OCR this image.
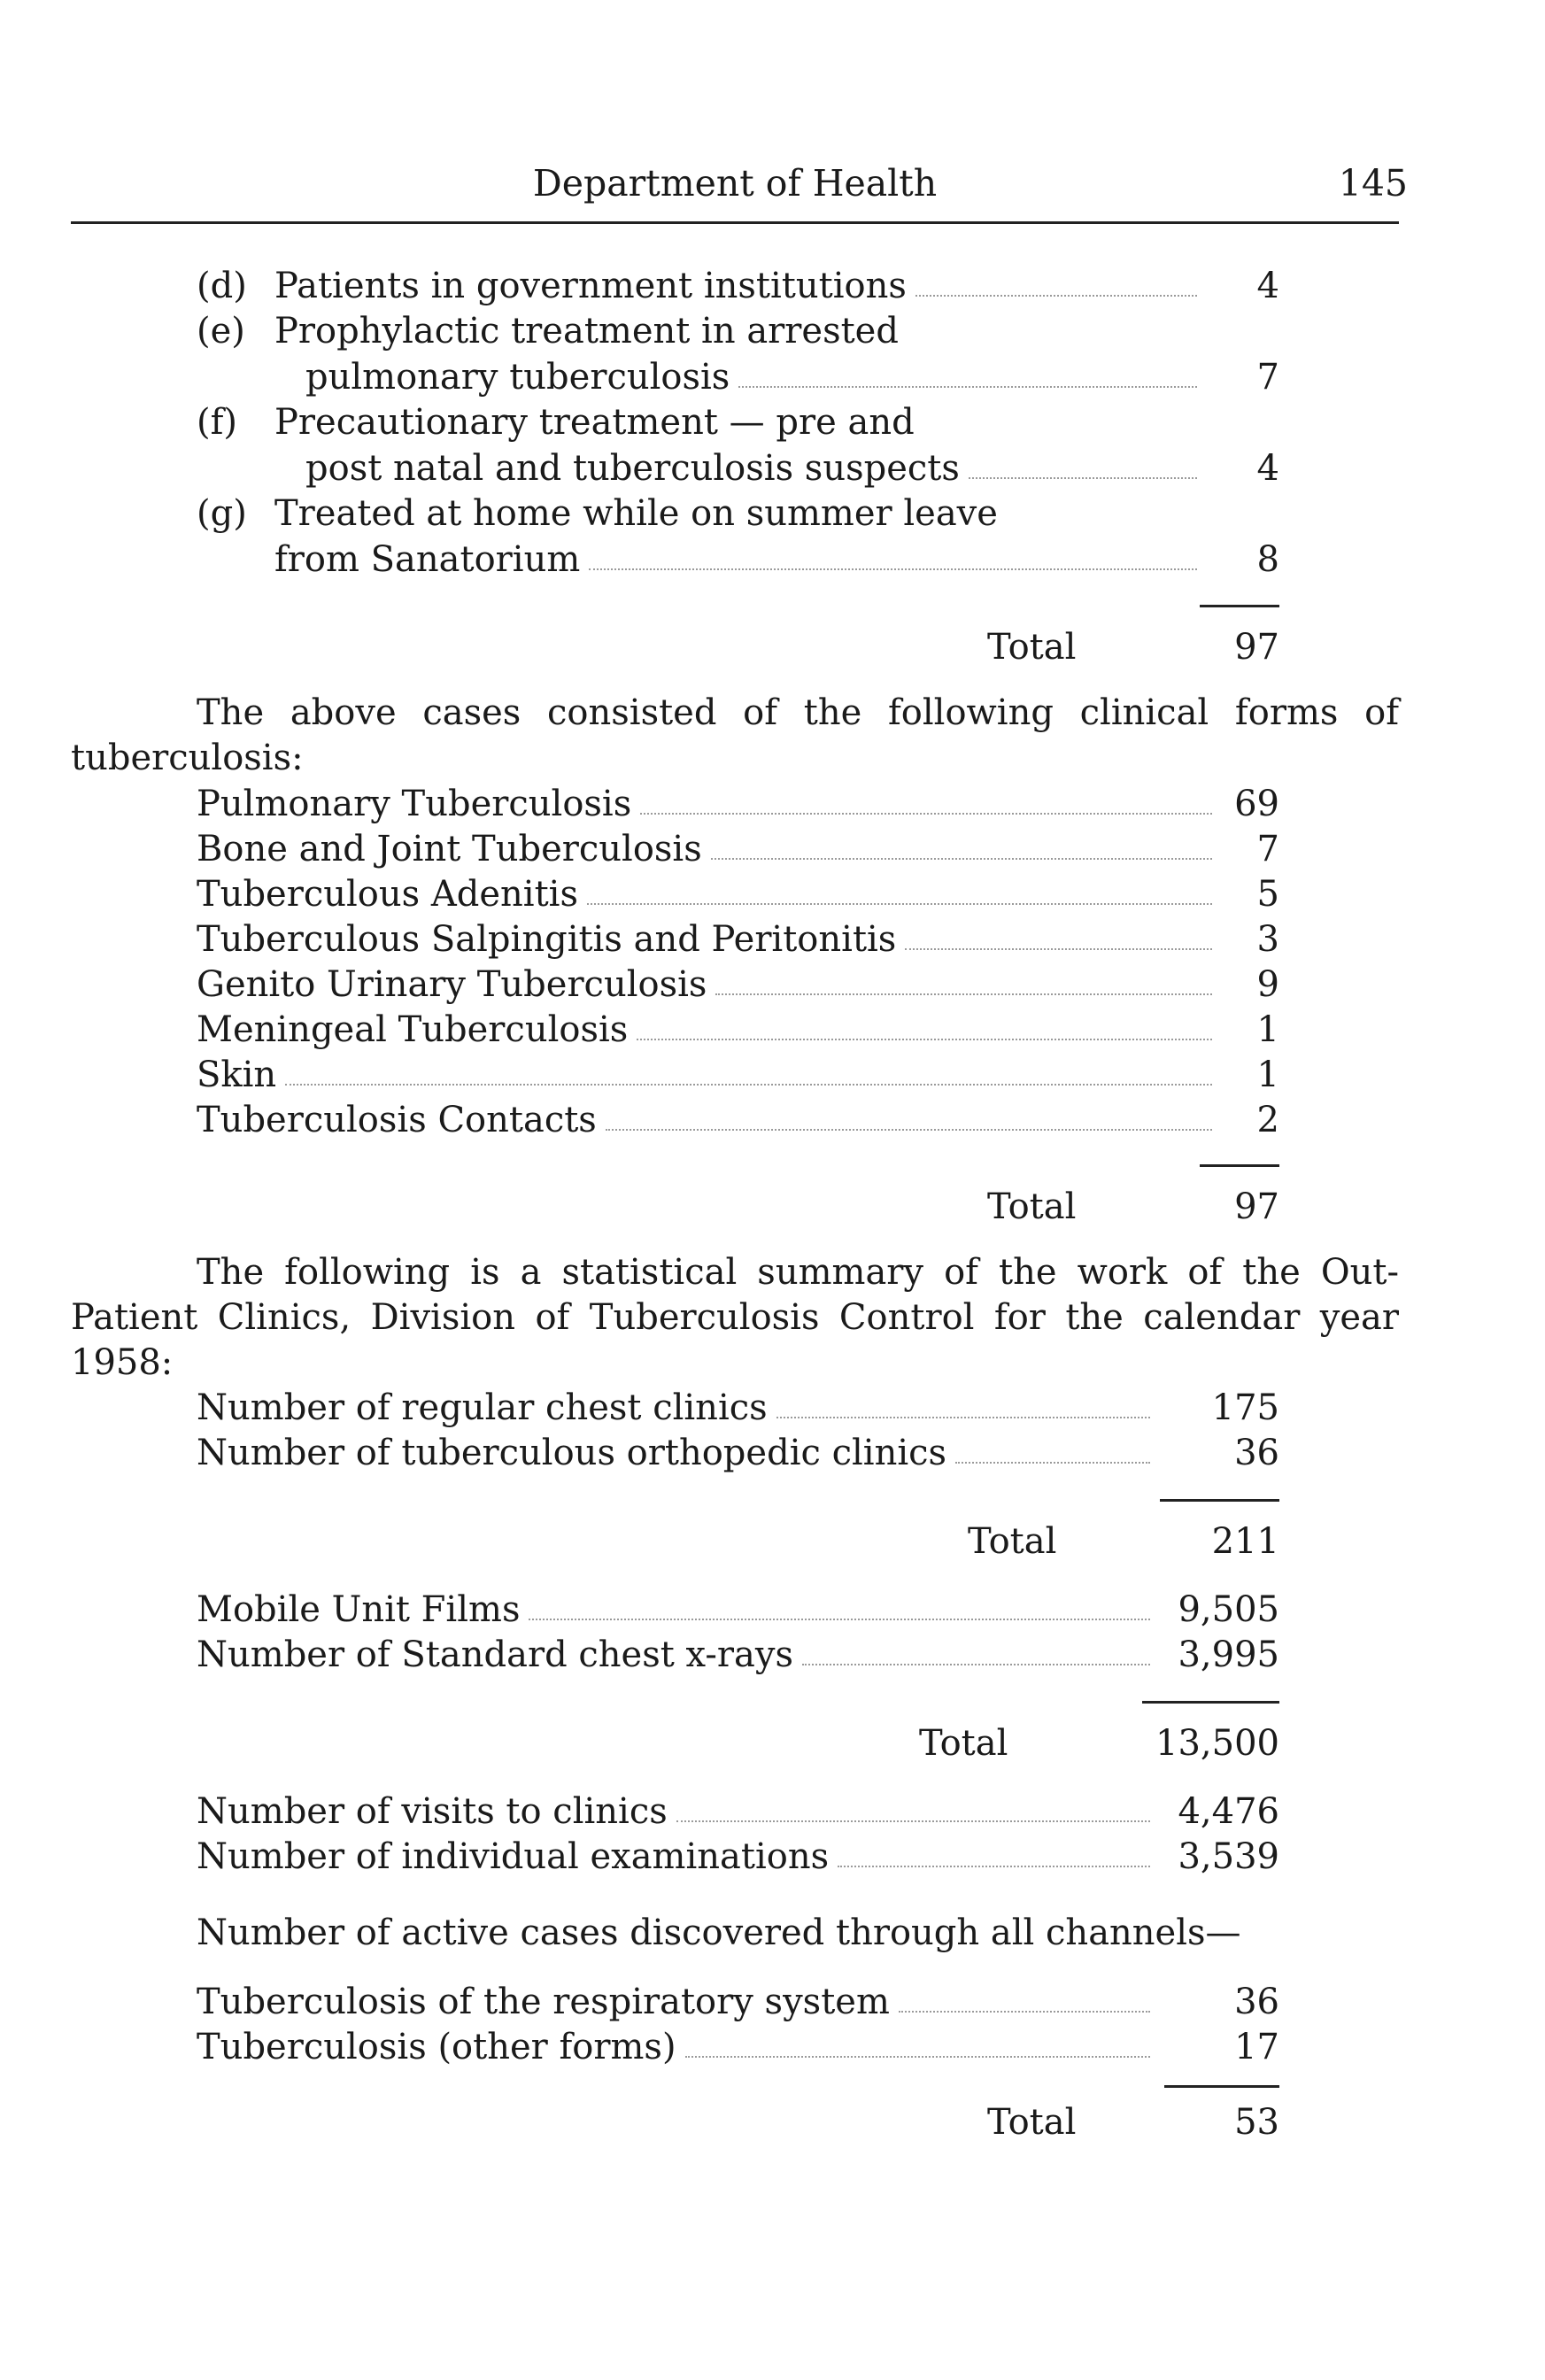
Department of Health	145
(d) Patients in government institutions	4
(e) Prophylactic treatment in arrested
pulmonary tuberculosis	7
(f) Precautionary treatment — pre and
post natal and tuberculosis suspects	4
(g) Treated at home while on summer leave
from Sanatorium	8
Total	97
The above cases consisted of the following clinical forms of tuberculosis:
Pulmonary Tuberculosis	69
Bone and Joint Tuberculosis	7
Tuberculous Adenitis	5
Tuberculous Salpingitis and Peritonitis	3
Genito Urinary Tuberculosis	9
Meningeal Tuberculosis	1
Skin	1
Tuberculosis Contacts	2
Total	97
The following is a statistical summary of the work of the Out-Patient Clinics, Division of Tuberculosis Control for the calendar year 1958:
Number of regular chest clinics	175
Number of tuberculous orthopedic clinics	36
Total	211
Mobile Unit Films	9,505
Number of Standard chest x-rays	3,995
Total	13,500
Number of visits to clinics	4,476
Number of individual examinations	3,539
Number of active cases discovered through all channels—
Tuberculosis of the respiratory system	36
Tuberculosis (other forms)	17
Total	53
